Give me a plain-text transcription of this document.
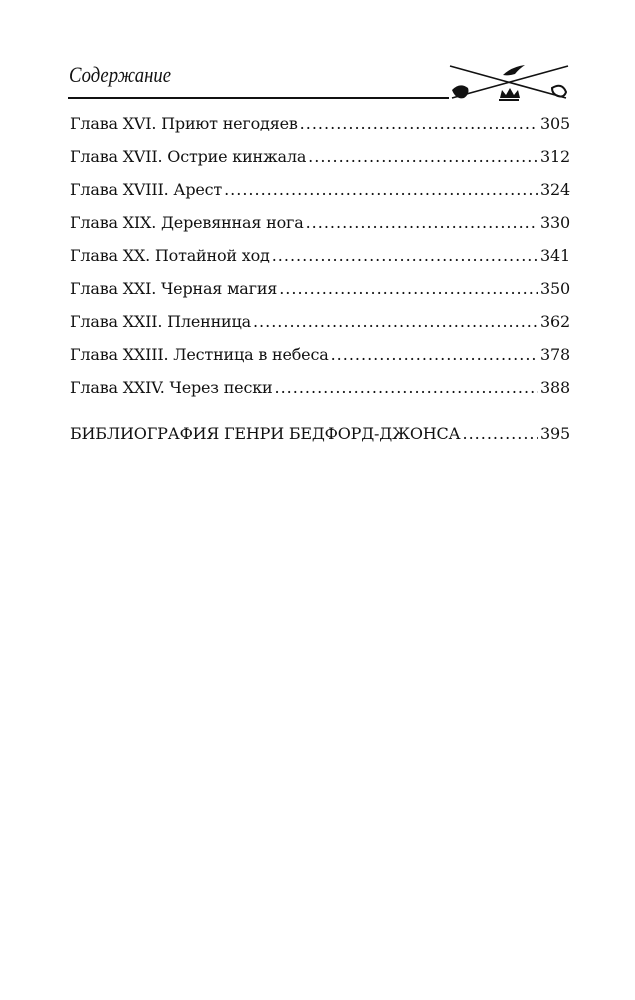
Содержание
Глава XVI. Приют негодяев .....	305
Глава XVII. Острие кинжала .....	312
Глава XVIII. Арест .....	324
Глава XIX. Деревянная нога .....	330
Глава XX. Потайной ход .....	341
Глава XXI. Черная магия .....	350
Глава XXII. Пленница .....	362
Глава XXIII. Лестница в небеса .....	378
Глава XXIV. Через пески .....	388
БИБЛИОГРАФИЯ ГЕНРИ БЕДФОРД-ДЖОНСА .....	395
